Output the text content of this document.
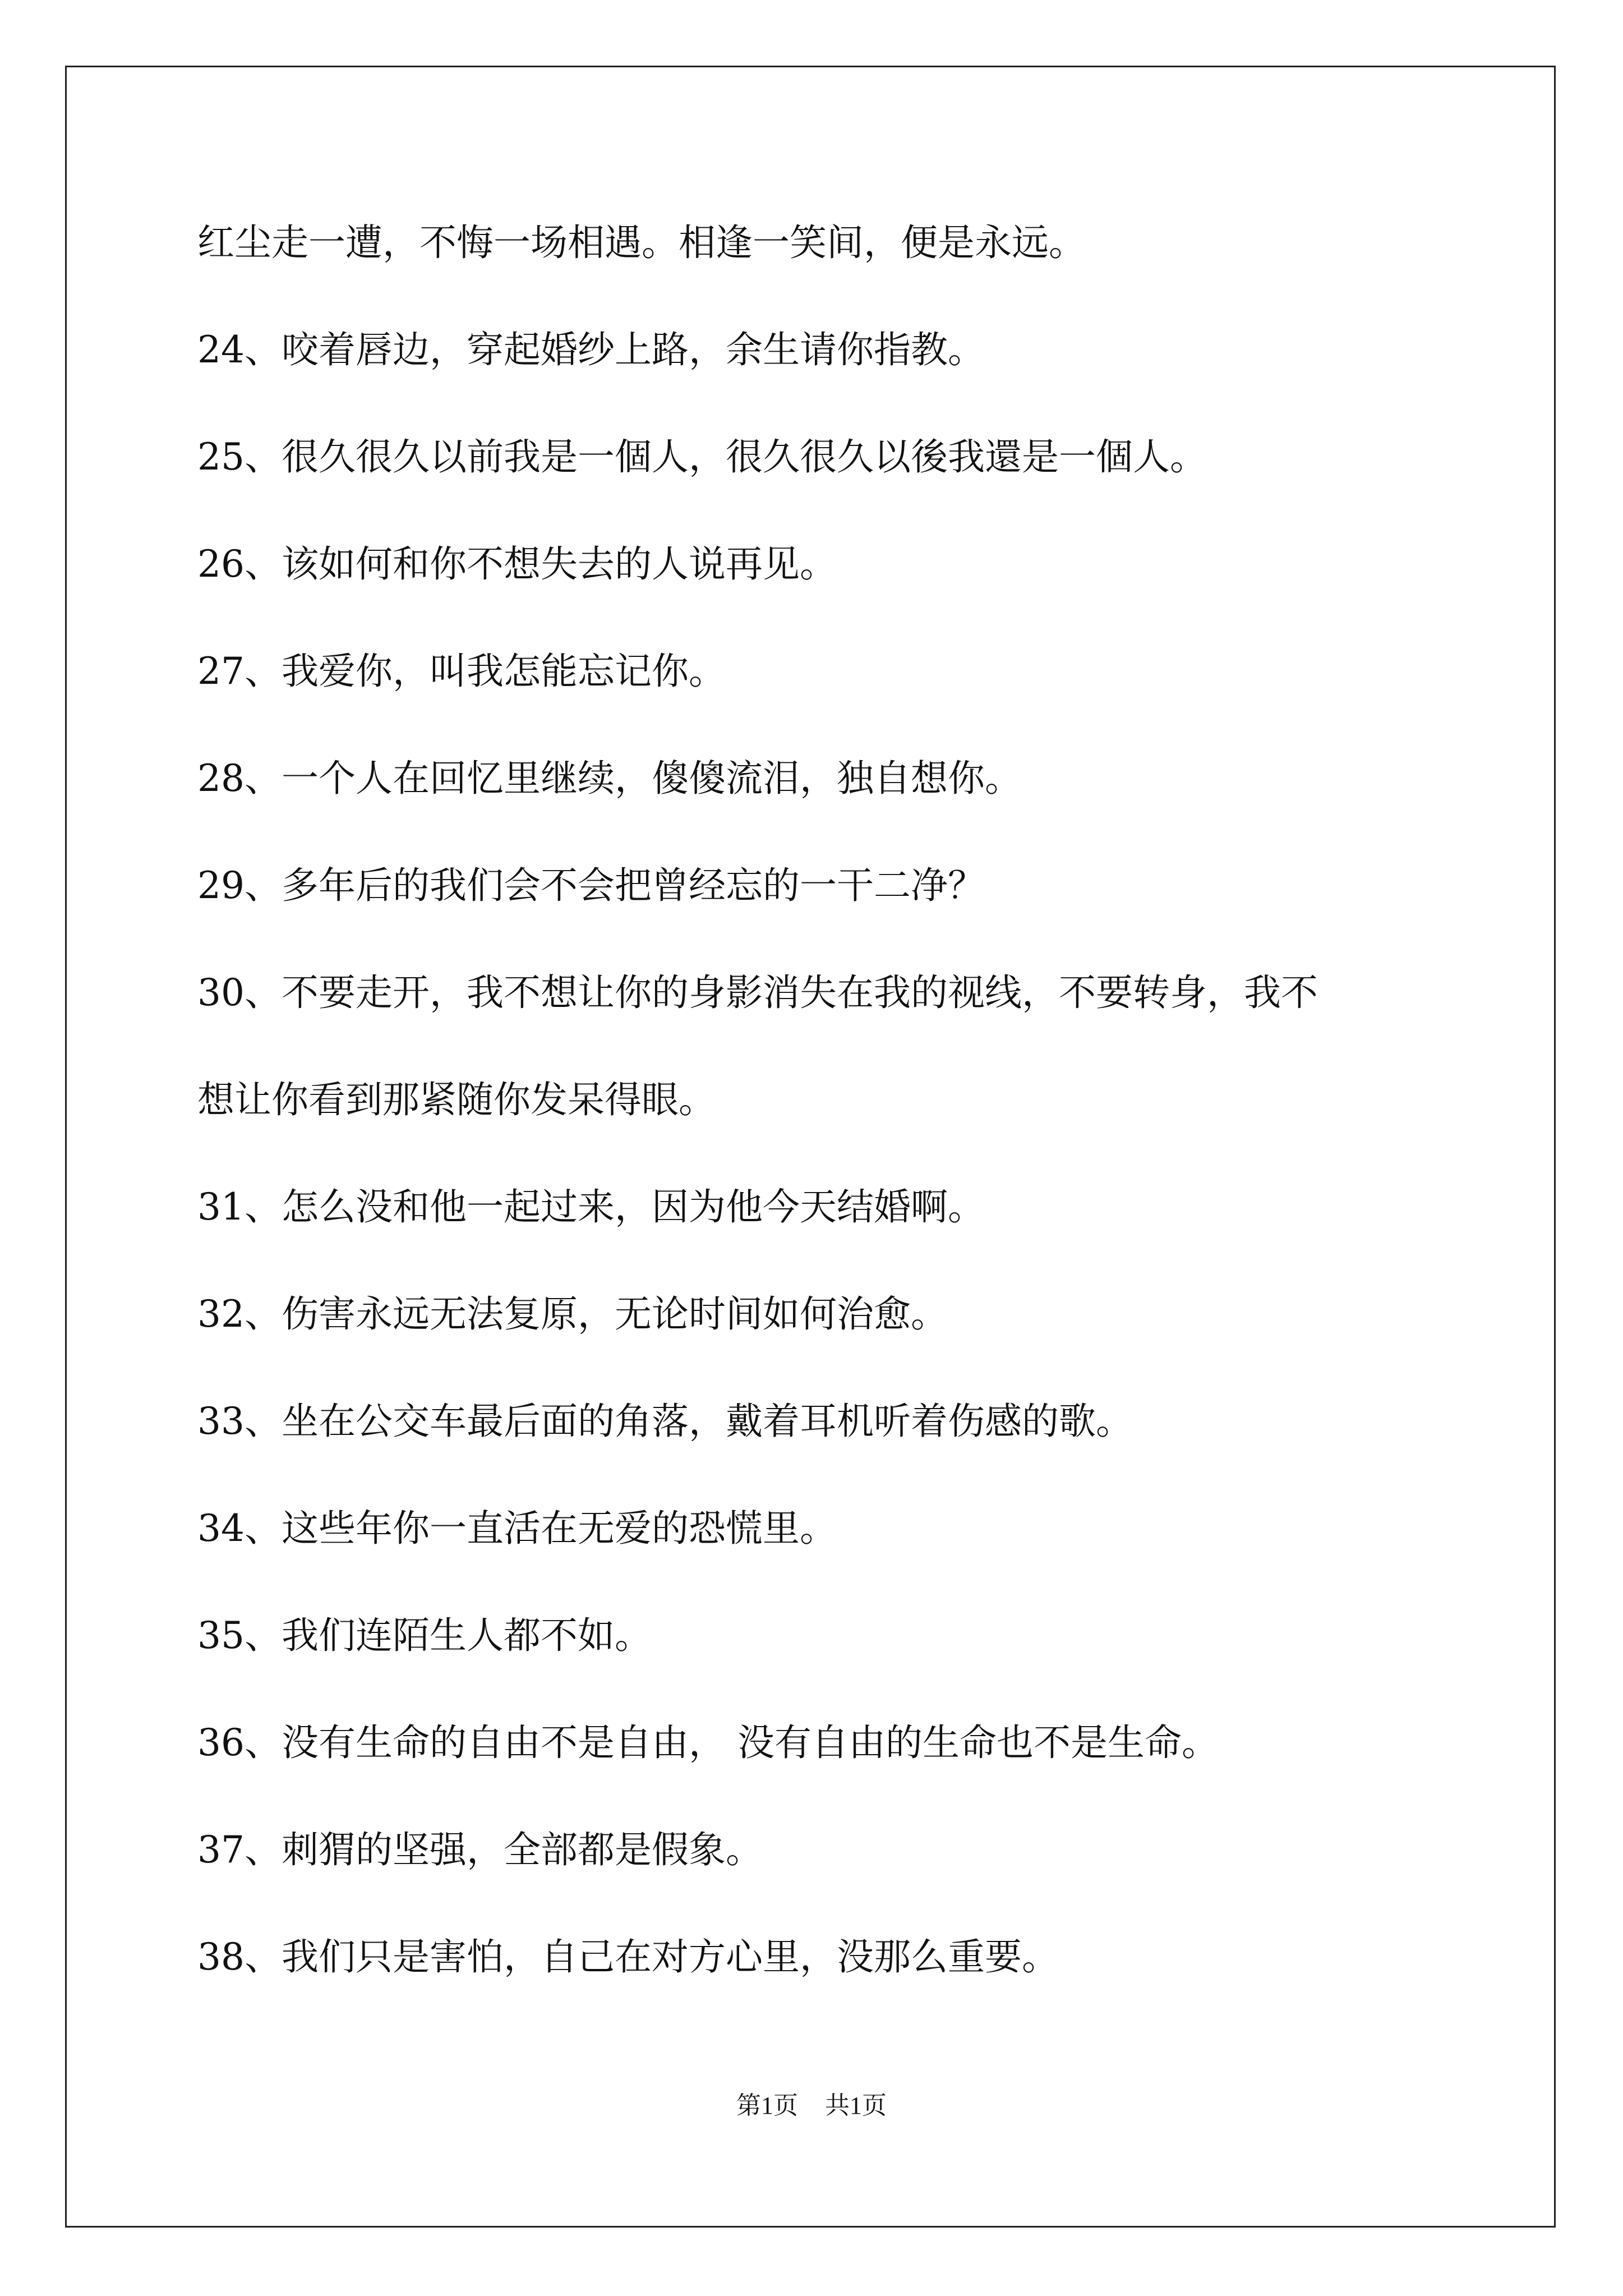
红尘走一遭，不悔一场相遇。相逢一笑间，便是永远。
24、咬着唇边，穿起婚纱上路，余生请你指教。
25、很久很久以前我是一個人，很久很久以後我還是一個人。
26、该如何和你不想失去的人说再见。
27、我爱你，叫我怎能忘记你。
28、一个人在回忆里继续，傻傻流泪，独自想你。
29、多年后的我们会不会把曾经忘的一干二净？
30、不要走开，我不想让你的身影消失在我的视线，不要转身，我不
想让你看到那紧随你发呆得眼。
31、怎么没和他一起过来，因为他今天结婚啊。
32、伤害永远无法复原，无论时间如何治愈。
33、坐在公交车最后面的角落，戴着耳机听着伤感的歌。
34、这些年你一直活在无爱的恐慌里。
35、我们连陌生人都不如。
36、没有生命的自由不是自由， 没有自由的生命也不是生命。
37、刺猬的坚强，全部都是假象。
38、我们只是害怕，自己在对方心里，没那么重要。
第1页 共1页
